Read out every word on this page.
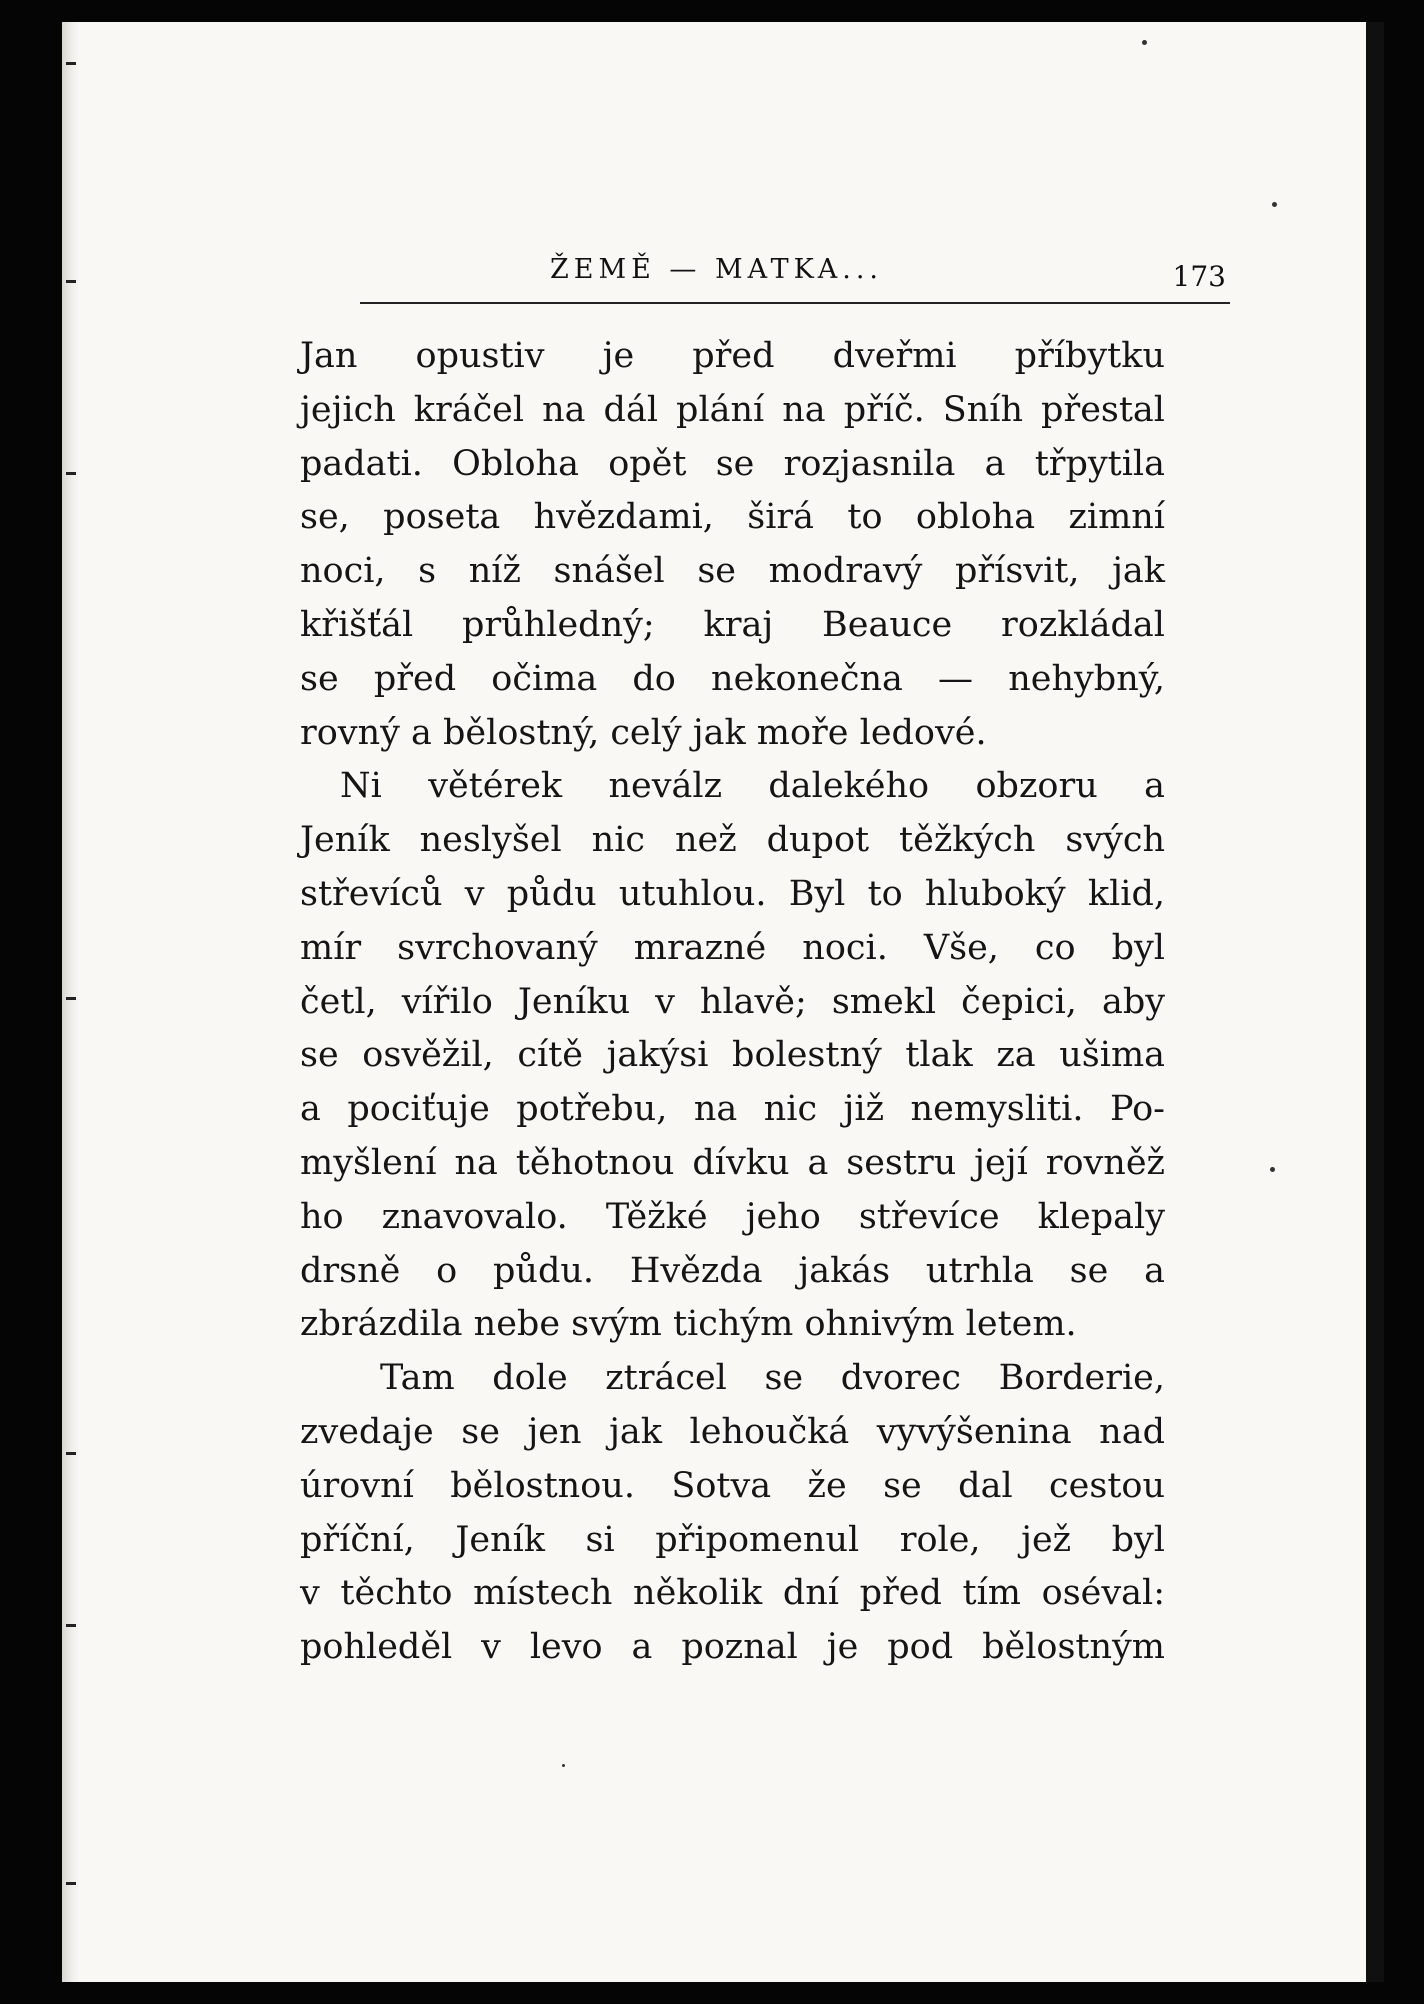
ŽEMĚ — MATKA...	173
Jan opustiv je před dveřmi příbytku
jejich kráčel na dál plání na příč. Sníh přestal
padati. Obloha opět se rozjasnila a třpytila
se, poseta hvězdami, širá to obloha zimní
noci, s níž snášel se modravý přísvit, jak
křišťál průhledný; kraj Beauce rozkládal
se před očima do nekonečna — nehybný,
rovný a bělostný, celý jak moře ledové.
Ni větérek neválz dalekého obzoru a
Jeník neslyšel nic než dupot těžkých svých
střevíců v půdu utuhlou. Byl to hluboký klid,
mír svrchovaný mrazné noci. Vše, co byl
četl, vířilo Jeníku v hlavě; smekl čepici, aby
se osvěžil, cítě jakýsi bolestný tlak za ušima
a pociťuje potřebu, na nic již nemysliti. Po-
myšlení na těhotnou dívku a sestru její rovněž
ho znavovalo. Těžké jeho střevíce klepaly
drsně o půdu. Hvězda jakás utrhla se a
zbrázdila nebe svým tichým ohnivým letem.
Tam dole ztrácel se dvorec Borderie,
zvedaje se jen jak lehoučká vyvýšenina nad
úrovní bělostnou. Sotva že se dal cestou
příční, Jeník si připomenul role, jež byl
v těchto místech několik dní před tím oséval:
pohleděl v levo a poznal je pod bělostným
